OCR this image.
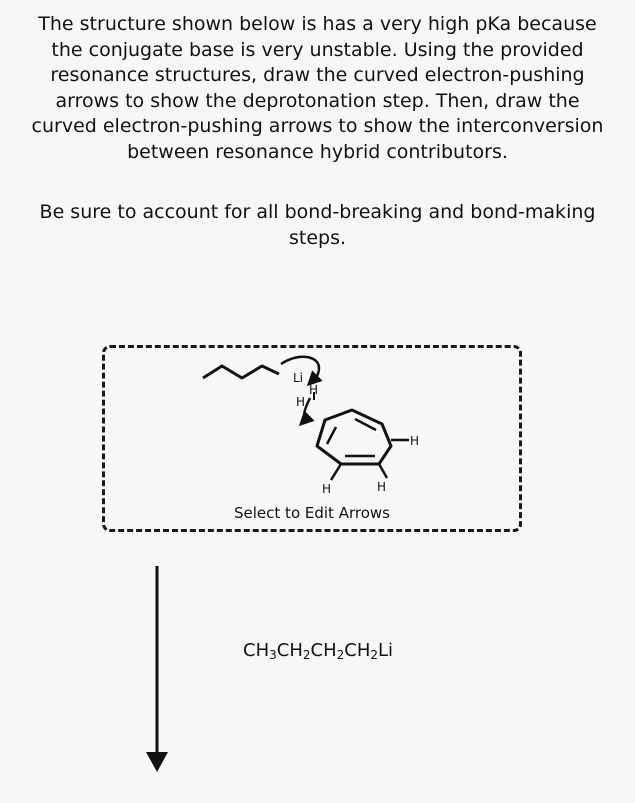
The structure shown below is has a very high pKa because
the conjugate base is very unstable. Using the provided
resonance structures, draw the curved electron-pushing
arrows to show the deprotonation step. Then, draw the
curved electron-pushing arrows to show the interconversion
between resonance hybrid contributors.

Be sure to account for all bond-breaking and bond-making
steps.

Li
H
H
H
H	H
Select to Edit Arrows
$CH_3CH_2CH_2CH_2Li$
